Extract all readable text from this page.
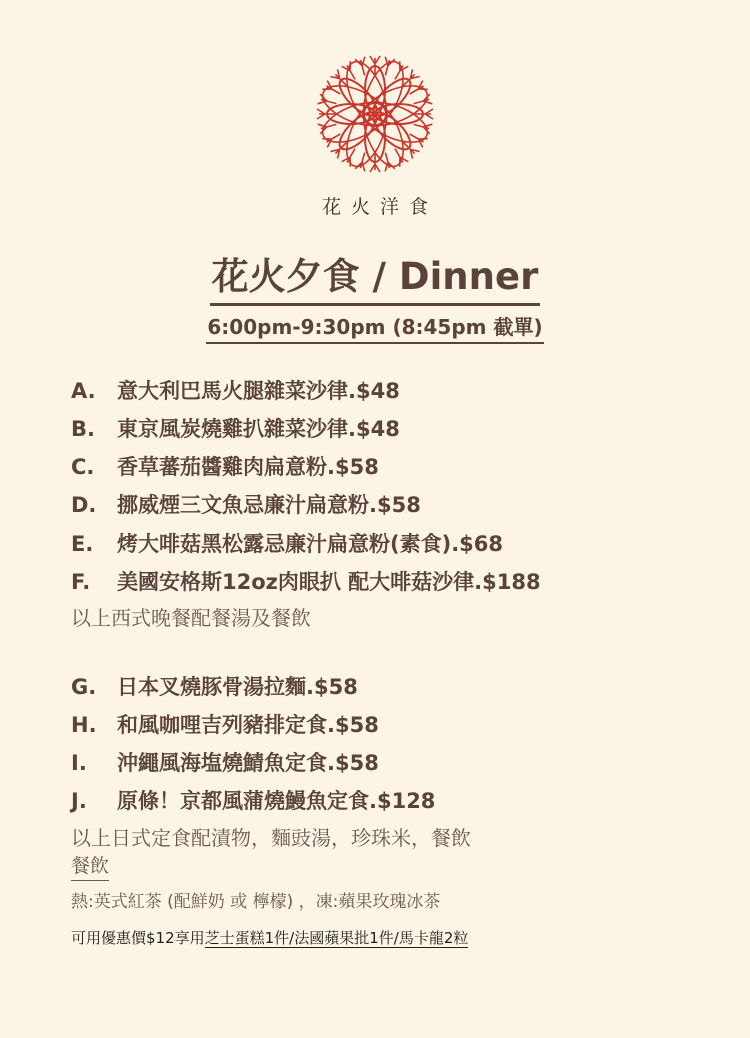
花火洋食
花火夕食 / Dinner
6:00pm-9:30pm (8:45pm 截單)
A. 意大利巴馬火腿雜菜沙律.$48
B. 東京風炭燒雞扒雜菜沙律.$48
C. 香草蕃茄醬雞肉扁意粉.$58
D. 挪威煙三文魚忌廉汁扁意粉.$58
E. 烤大啡菇黑松露忌廉汁扁意粉(素食).$68
F. 美國安格斯12oz肉眼扒 配大啡菇沙律.$188
以上西式晚餐配餐湯及餐飲
G. 日本叉燒豚骨湯拉麵.$58
H. 和風咖哩吉列豬排定食.$58
I. 沖繩風海塩燒鯖魚定食.$58
J. 原條！京都風蒲燒鰻魚定食.$128
以上日式定食配漬物，麵豉湯，珍珠米，餐飲
餐飲
熱:英式紅茶 (配鮮奶 或 檸檬) ，凍:蘋果玫瑰冰茶
可用優惠價$12享用芝士蛋糕1件/法國蘋果批1件/馬卡龍2粒
